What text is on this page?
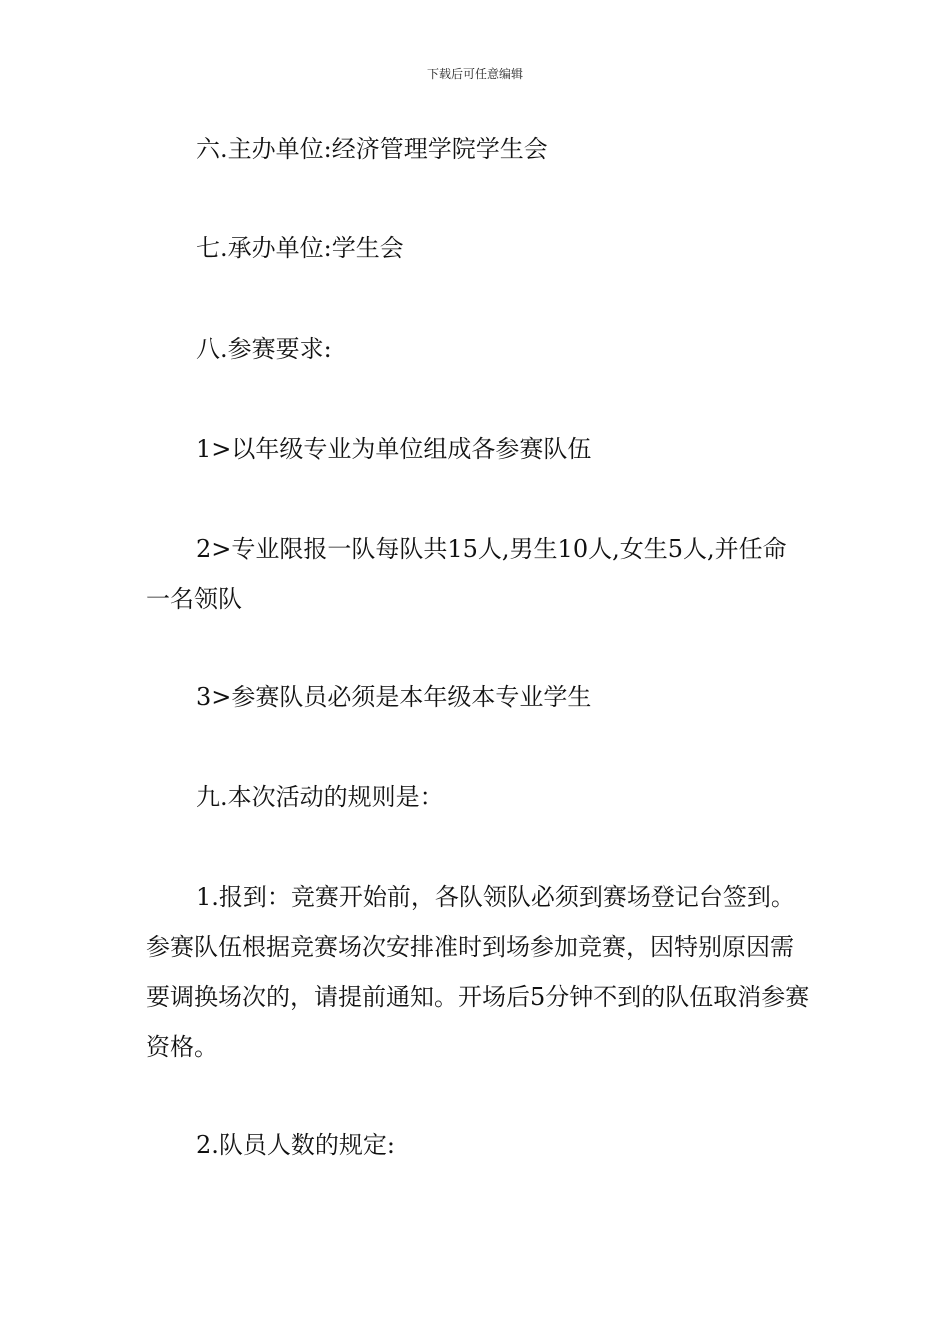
下载后可任意编辑

六.主办单位:经济管理学院学生会

七.承办单位:学生会

八.参赛要求:

1>以年级专业为单位组成各参赛队伍

2>专业限报一队每队共15人,男生10人,女生5人,并任命一名领队

3>参赛队员必须是本年级本专业学生

九.本次活动的规则是：

1.报到：竞赛开始前，各队领队必须到赛场登记台签到。参赛队伍根据竞赛场次安排准时到场参加竞赛，因特别原因需要调换场次的，请提前通知。开场后5分钟不到的队伍取消参赛资格。

2.队员人数的规定:
